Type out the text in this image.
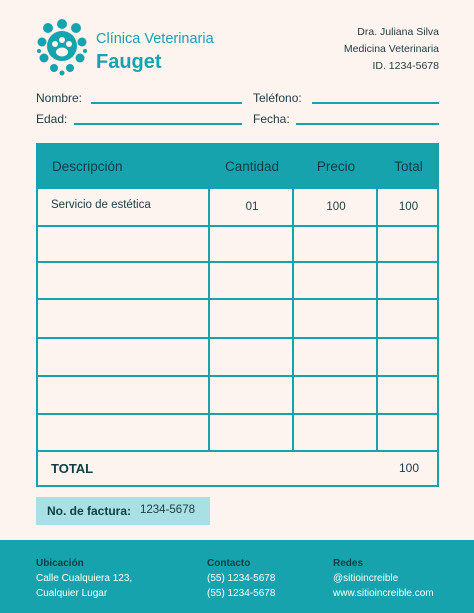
Clínica Veterinaria
Fauget
Dra. Juliana Silva
Medicina Veterinaria
ID. 1234-5678
Nombre:	Teléfono:
Edad:	Fecha:
Descripción	Cantidad	Precio	Total
Servicio de estética	01	100	100
TOTAL	100
No. de factura: 1234-5678
Ubicación
Calle Cualquiera 123,
Cualquier Lugar
Contacto
(55) 1234-5678
(55) 1234-5678
Redes
@sitioincreible
www.sitioincreible.com
